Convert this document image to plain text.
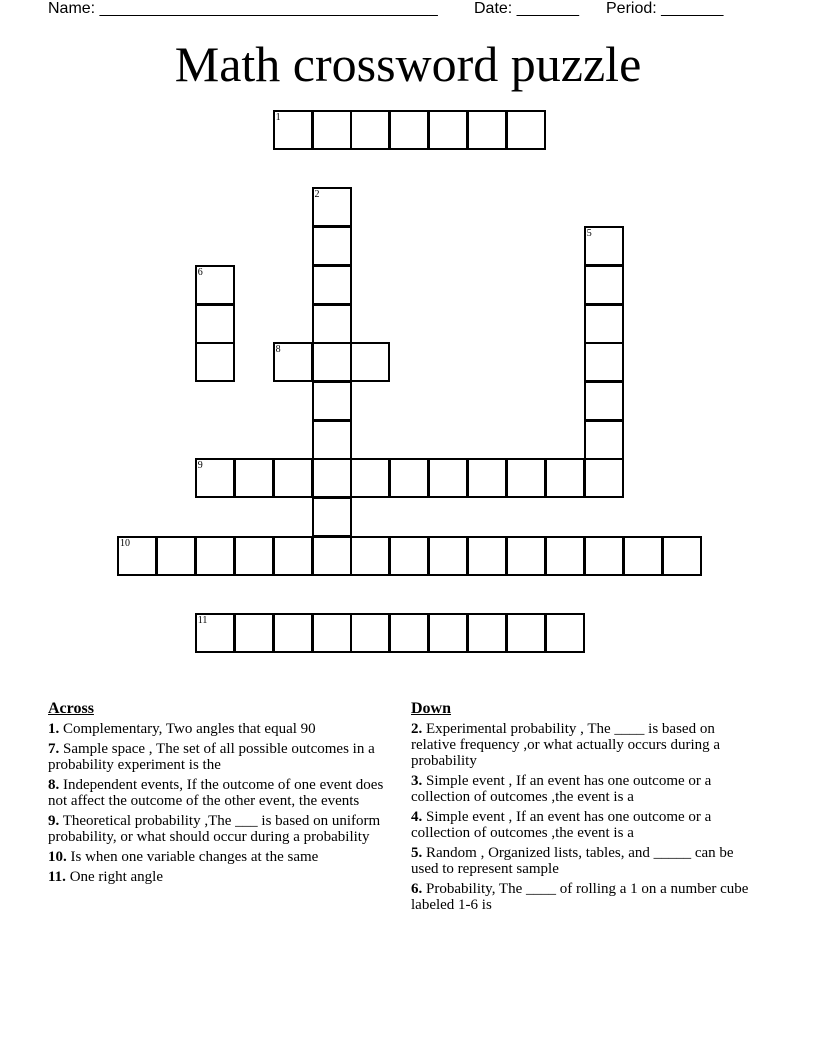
Name: ______________________________________ Date: _______ Period: _______
Math crossword puzzle
1
2
5
6
8
9
10
11
Across
1. Complementary, Two angles that equal 90
7. Sample space , The set of all possible outcomes in a probability experiment is the
8. Independent events, If the outcome of one event does not affect the outcome of the other event, the events
9. Theoretical probability ,The ___ is based on uniform probability, or what should occur during a probability
10. Is when one variable changes at the same
11. One right angle
Down
2. Experimental probability , The ____ is based on relative frequency ,or what actually occurs during a probability
3. Simple event , If an event has one outcome or a collection of outcomes ,the event is a
4. Simple event , If an event has one outcome or a collection of outcomes ,the event is a
5. Random , Organized lists, tables, and _____ can be used to represent sample
6. Probability, The ____ of rolling a 1 on a number cube labeled 1-6 is
